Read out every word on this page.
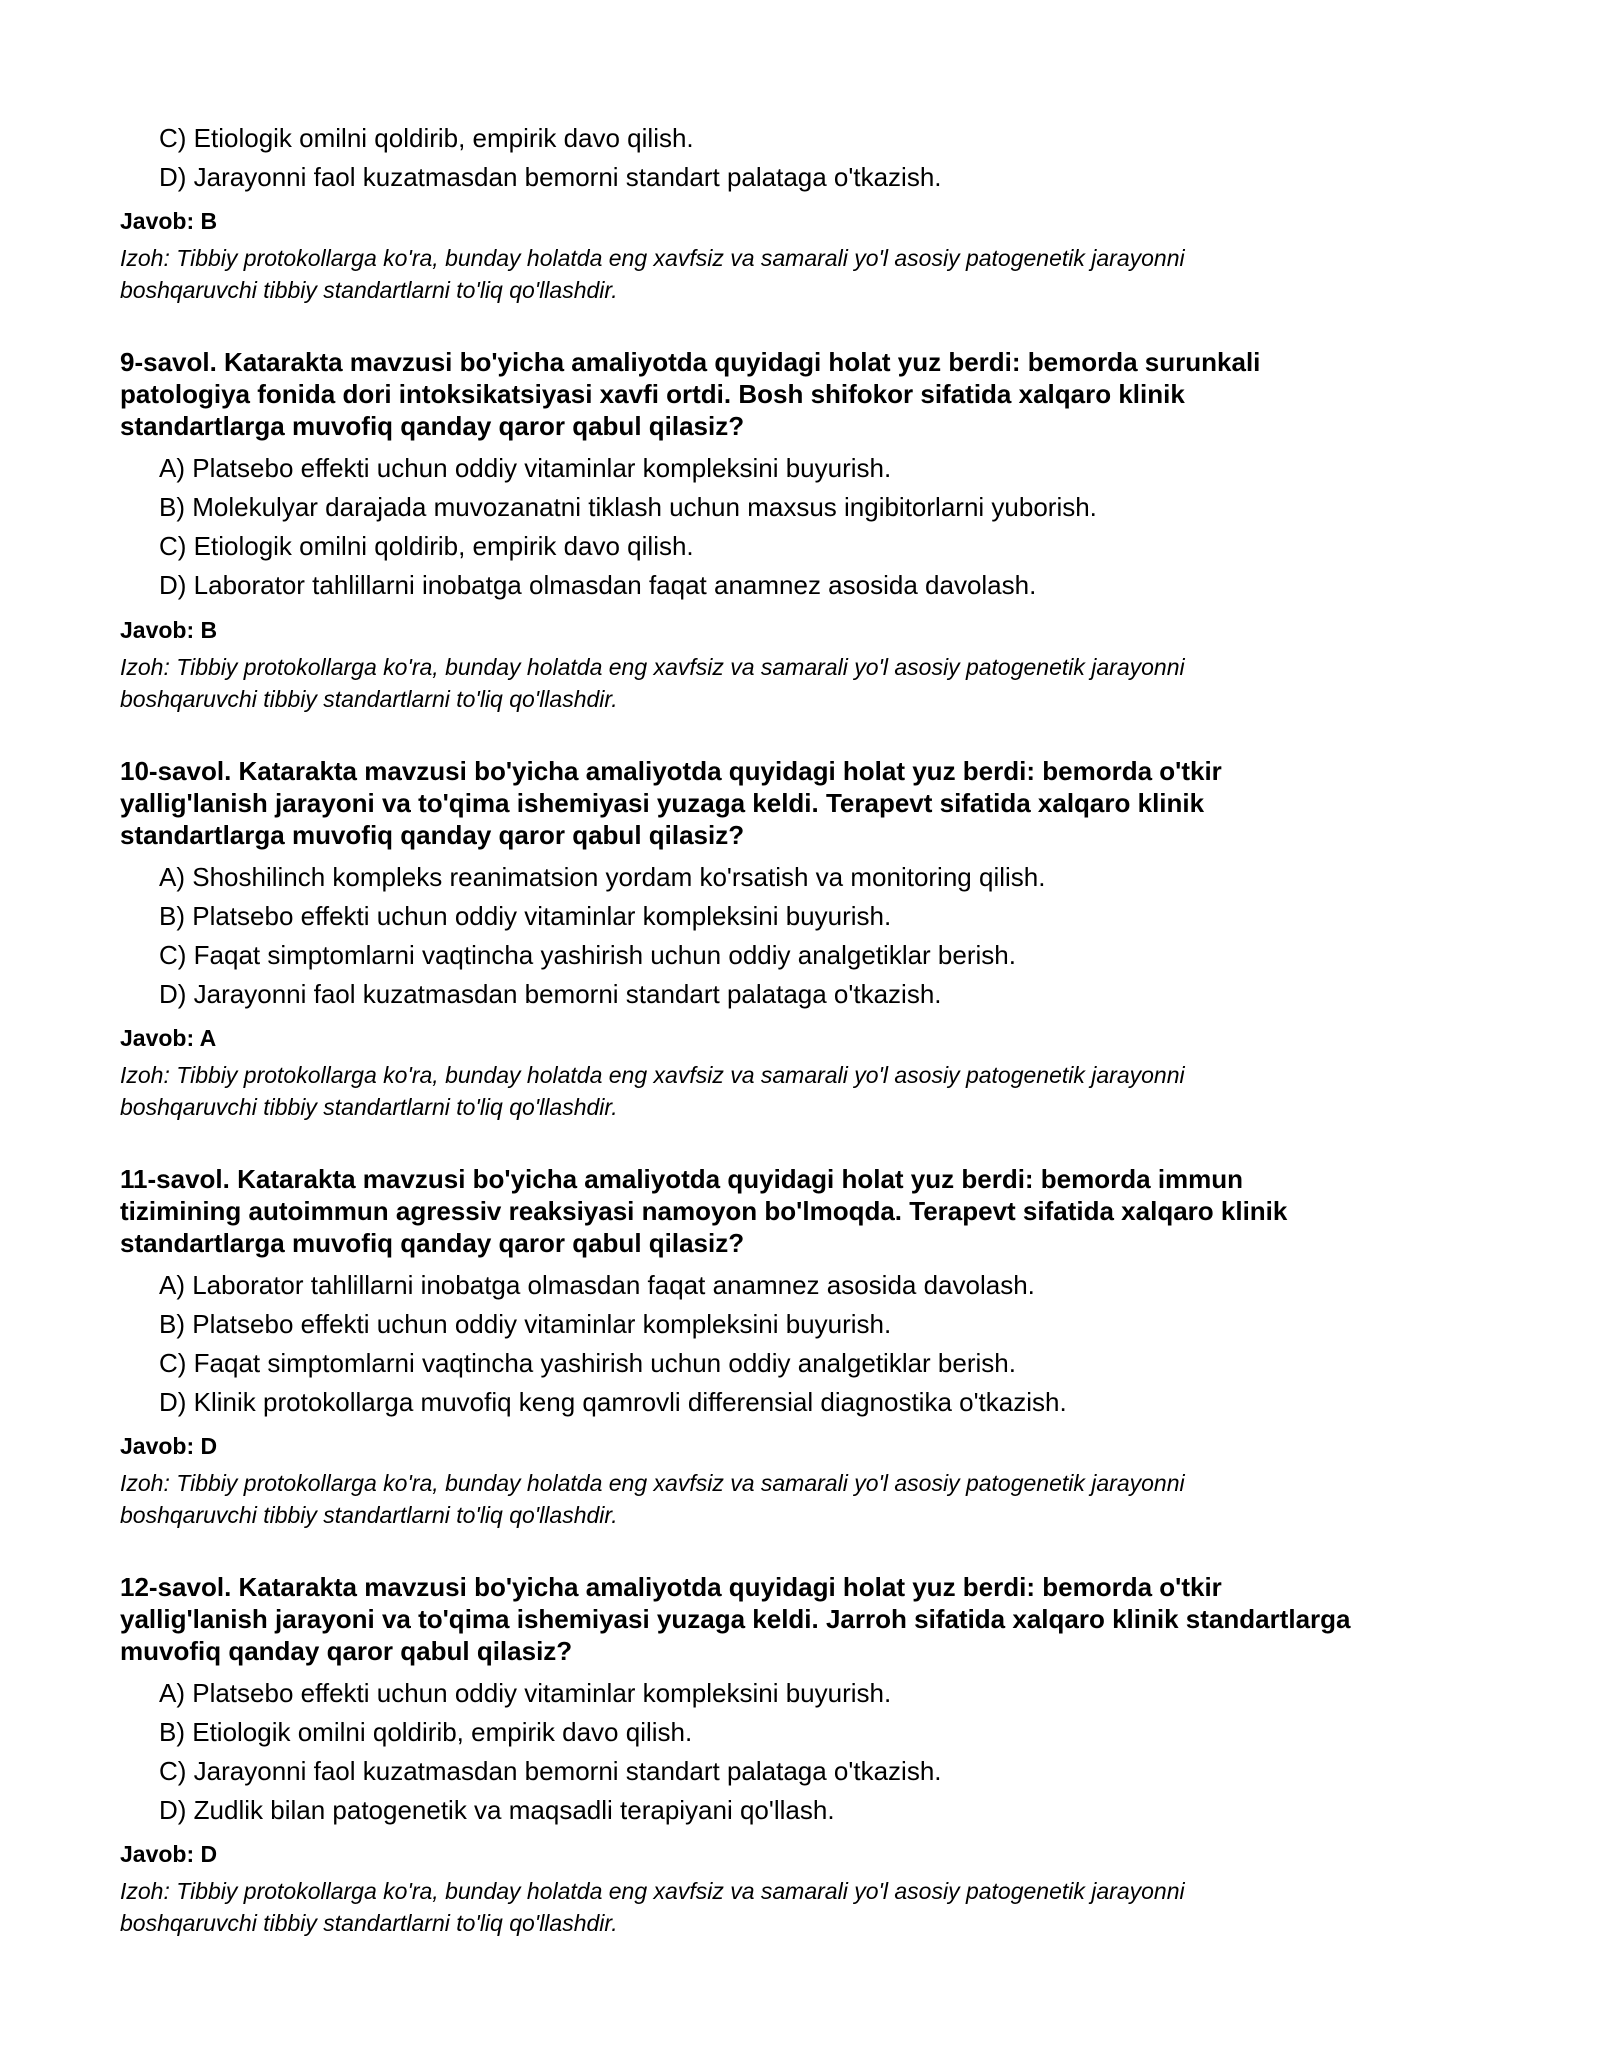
C) Etiologik omilni qoldirib, empirik davo qilish.
D) Jarayonni faol kuzatmasdan bemorni standart palataga o'tkazish.
Javob: B
Izoh: Tibbiy protokollarga ko'ra, bunday holatda eng xavfsiz va samarali yo'l asosiy patogenetik jarayonni
boshqaruvchi tibbiy standartlarni to'liq qo'llashdir.
9-savol. Katarakta mavzusi bo'yicha amaliyotda quyidagi holat yuz berdi: bemorda surunkali
patologiya fonida dori intoksikatsiyasi xavfi ortdi. Bosh shifokor sifatida xalqaro klinik
standartlarga muvofiq qanday qaror qabul qilasiz?
A) Platsebo effekti uchun oddiy vitaminlar kompleksini buyurish.
B) Molekulyar darajada muvozanatni tiklash uchun maxsus ingibitorlarni yuborish.
C) Etiologik omilni qoldirib, empirik davo qilish.
D) Laborator tahlillarni inobatga olmasdan faqat anamnez asosida davolash.
Javob: B
Izoh: Tibbiy protokollarga ko'ra, bunday holatda eng xavfsiz va samarali yo'l asosiy patogenetik jarayonni
boshqaruvchi tibbiy standartlarni to'liq qo'llashdir.
10-savol. Katarakta mavzusi bo'yicha amaliyotda quyidagi holat yuz berdi: bemorda o'tkir
yallig'lanish jarayoni va to'qima ishemiyasi yuzaga keldi. Terapevt sifatida xalqaro klinik
standartlarga muvofiq qanday qaror qabul qilasiz?
A) Shoshilinch kompleks reanimatsion yordam ko'rsatish va monitoring qilish.
B) Platsebo effekti uchun oddiy vitaminlar kompleksini buyurish.
C) Faqat simptomlarni vaqtincha yashirish uchun oddiy analgetiklar berish.
D) Jarayonni faol kuzatmasdan bemorni standart palataga o'tkazish.
Javob: A
Izoh: Tibbiy protokollarga ko'ra, bunday holatda eng xavfsiz va samarali yo'l asosiy patogenetik jarayonni
boshqaruvchi tibbiy standartlarni to'liq qo'llashdir.
11-savol. Katarakta mavzusi bo'yicha amaliyotda quyidagi holat yuz berdi: bemorda immun
tizimining autoimmun agressiv reaksiyasi namoyon bo'lmoqda. Terapevt sifatida xalqaro klinik
standartlarga muvofiq qanday qaror qabul qilasiz?
A) Laborator tahlillarni inobatga olmasdan faqat anamnez asosida davolash.
B) Platsebo effekti uchun oddiy vitaminlar kompleksini buyurish.
C) Faqat simptomlarni vaqtincha yashirish uchun oddiy analgetiklar berish.
D) Klinik protokollarga muvofiq keng qamrovli differensial diagnostika o'tkazish.
Javob: D
Izoh: Tibbiy protokollarga ko'ra, bunday holatda eng xavfsiz va samarali yo'l asosiy patogenetik jarayonni
boshqaruvchi tibbiy standartlarni to'liq qo'llashdir.
12-savol. Katarakta mavzusi bo'yicha amaliyotda quyidagi holat yuz berdi: bemorda o'tkir
yallig'lanish jarayoni va to'qima ishemiyasi yuzaga keldi. Jarroh sifatida xalqaro klinik standartlarga
muvofiq qanday qaror qabul qilasiz?
A) Platsebo effekti uchun oddiy vitaminlar kompleksini buyurish.
B) Etiologik omilni qoldirib, empirik davo qilish.
C) Jarayonni faol kuzatmasdan bemorni standart palataga o'tkazish.
D) Zudlik bilan patogenetik va maqsadli terapiyani qo'llash.
Javob: D
Izoh: Tibbiy protokollarga ko'ra, bunday holatda eng xavfsiz va samarali yo'l asosiy patogenetik jarayonni
boshqaruvchi tibbiy standartlarni to'liq qo'llashdir.
